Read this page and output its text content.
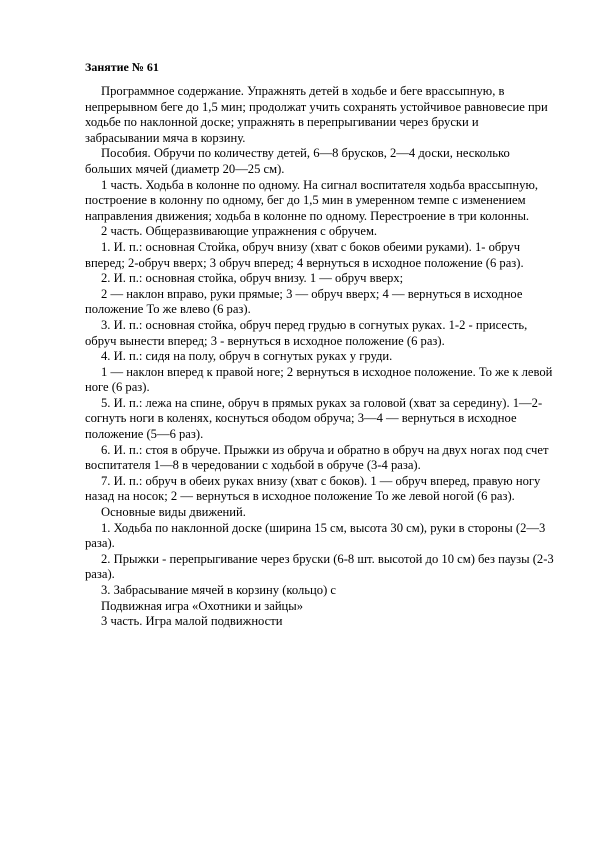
Занятие № 61

Программное содержание. Упражнять детей в ходьбе и беге врассыпную, в непрерывном беге до 1,5 мин; продолжат учить сохранять устойчивое равновесие при ходьбе по наклонной доске; упражнять в перепрыгивании через бруски и забрасывании мяча в корзину.

Пособия. Обручи по количеству детей, 6—8 брусков, 2—4 доски, несколько больших мячей (диаметр 20—25 см).

1 часть. Ходьба в колонне по одному. На сигнал воспитателя ходьба врассыпную, построение в колонну по одному, бег до 1,5 мин в умеренном темпе с изменением направления движения; ходьба в колонне по одному. Перестроение в три колонны.

2 часть. Общеразвивающие упражнения с обручем.

1. И. п.: основная Стойка, обруч внизу (хват с боков обеими руками). 1- обруч вперед; 2-обруч вверх; 3 обруч вперед; 4 вернуться в исходное положение (6 раз).

2. И. п.: основная стойка, обруч внизу. 1 — обруч вверх;

2 — наклон вправо, руки прямые; 3 — обруч вверх; 4 — вернуться в исходное положение То же влево (6 раз).

3. И. п.: основная стойка, обруч перед грудью в согнутых руках. 1-2 - присесть, обруч вынести вперед; 3 - вернуться в исходное положение (6 раз).

4. И. п.: сидя на полу, обруч в согнутых руках у груди.

1 — наклон вперед к правой ноге; 2 вернуться в исходное положение. То же к левой ноге (6 раз).

5. И. п.: лежа на спине, обруч в прямых руках за головой (хват за середину). 1—2-согнуть ноги в коленях, коснуться ободом обруча; 3—4 — вернуться в исходное положение (5—6 раз).

6. И. п.: стоя в обруче. Прыжки из обруча и обратно в обруч на двух ногах под счет воспитателя 1—8 в чередовании с ходьбой в обруче (3-4 раза).

7. И. п.: обруч в обеих руках внизу (хват с боков). 1 — обруч вперед, правую ногу назад на носок; 2 — вернуться в исходное положение То же левой ногой (6 раз).

Основные виды движений.

1. Ходьба по наклонной доске (ширина 15 см, высота 30 см), руки в стороны (2—3 раза).

2. Прыжки - перепрыгивание через бруски (6-8 шт. высотой до 10 см) без паузы (2-3 раза).

3. Забрасывание мячей в корзину (кольцо) с

Подвижная игра «Охотники и зайцы»

3 часть. Игра малой подвижности
